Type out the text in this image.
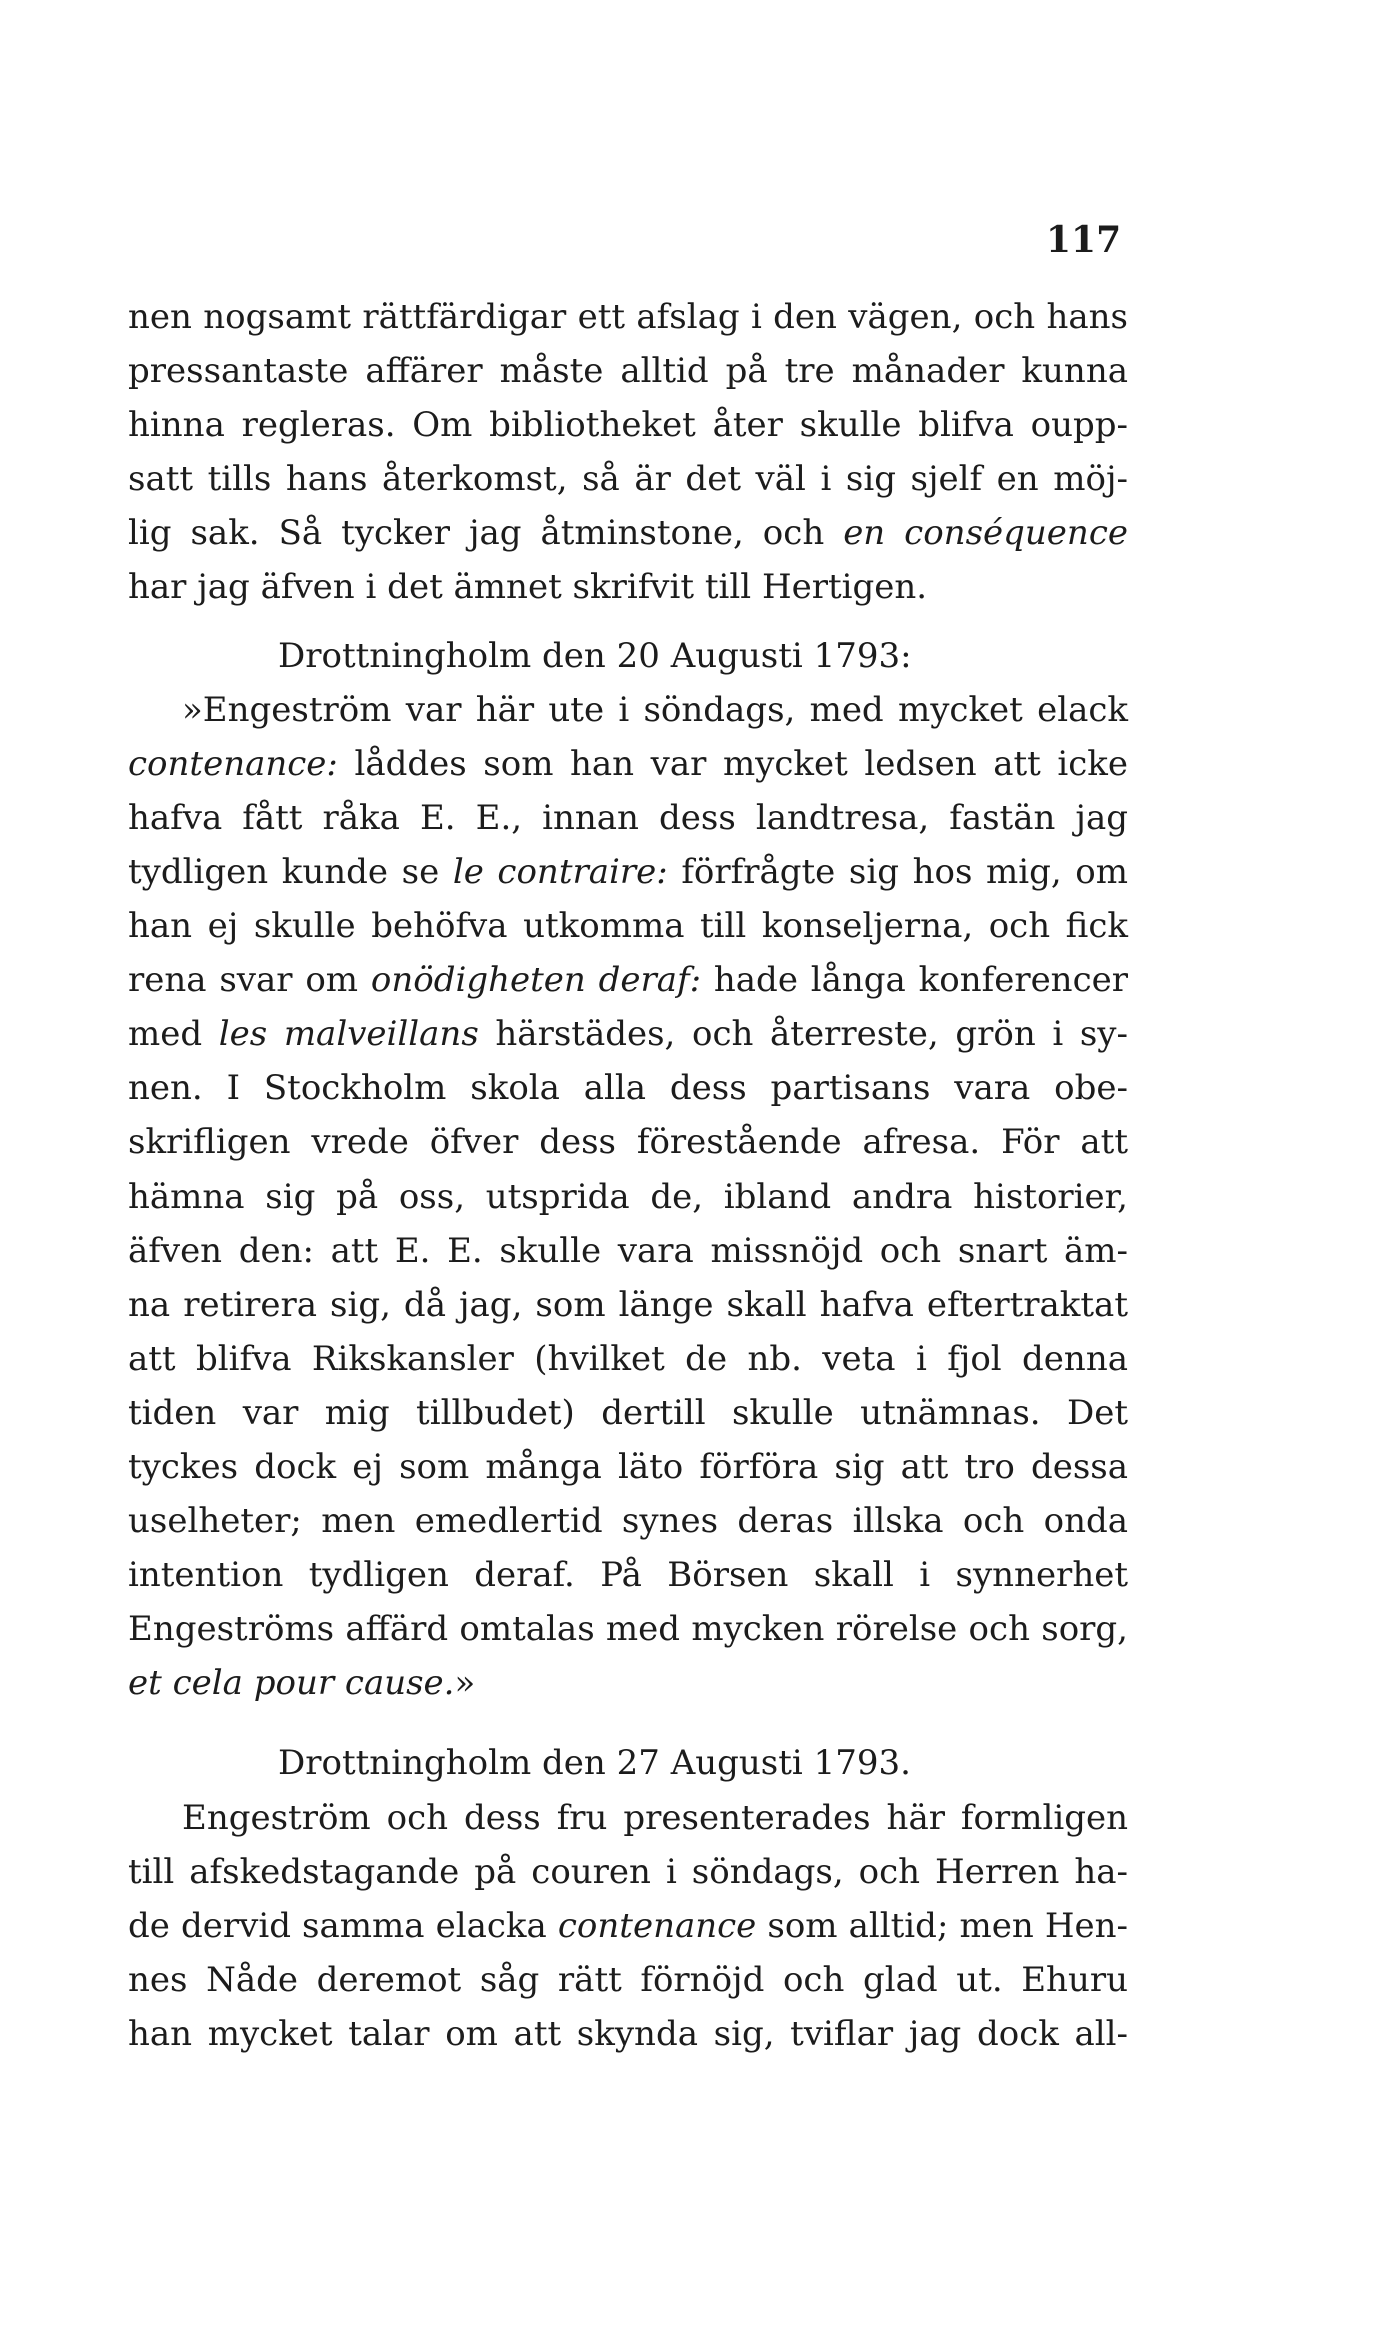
117
nen nogsamt rättfärdigar ett afslag i den vägen, och hans
pressantaste affärer måste alltid på tre månader kunna
hinna regleras. Om bibliotheket åter skulle blifva oupp-
satt tills hans återkomst, så är det väl i sig sjelf en möj-
lig sak. Så tycker jag åtminstone, och en conséquence
har jag äfven i det ämnet skrifvit till Hertigen.
Drottningholm den 20 Augusti 1793:
»Engeström var här ute i söndags, med mycket elack
contenance: låddes som han var mycket ledsen att icke
hafva fått råka E. E., innan dess landtresa, fastän jag
tydligen kunde se le contraire: förfrågte sig hos mig, om
han ej skulle behöfva utkomma till konseljerna, och fick
rena svar om onödigheten deraf: hade långa konferencer
med les malveillans härstädes, och återreste, grön i sy-
nen. I Stockholm skola alla dess partisans vara obe-
skrifligen vrede öfver dess förestående afresa. För att
hämna sig på oss, utsprida de, ibland andra historier,
äfven den: att E. E. skulle vara missnöjd och snart äm-
na retirera sig, då jag, som länge skall hafva eftertraktat
att blifva Rikskansler (hvilket de nb. veta i fjol denna
tiden var mig tillbudet) dertill skulle utnämnas. Det
tyckes dock ej som många läto förföra sig att tro dessa
uselheter; men emedlertid synes deras illska och onda
intention tydligen deraf. På Börsen skall i synnerhet
Engeströms affärd omtalas med mycken rörelse och sorg,
et cela pour cause.»
Drottningholm den 27 Augusti 1793.
Engeström och dess fru presenterades här formligen
till afskedstagande på couren i söndags, och Herren ha-
de dervid samma elacka contenance som alltid; men Hen-
nes Nåde deremot såg rätt förnöjd och glad ut. Ehuru
han mycket talar om att skynda sig, tviflar jag dock all-
